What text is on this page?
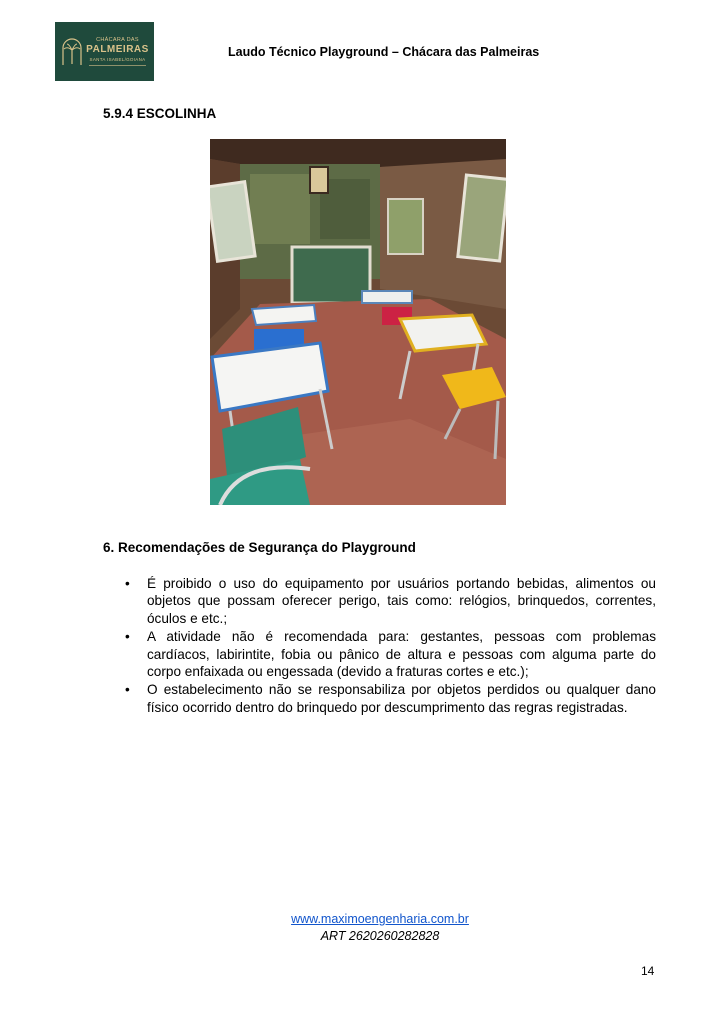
CHÁCARA DAS
PALMEIRAS
SANTA ISABEL/GOIANA
Laudo Técnico Playground – Chácara das Palmeiras
5.9.4 ESCOLINHA
6. Recomendações de Segurança do Playground
• É proibido o uso do equipamento por usuários portando bebidas, alimentos ou objetos que possam oferecer perigo, tais como: relógios, brinquedos, correntes, óculos e etc.;
• A atividade não é recomendada para: gestantes, pessoas com problemas cardíacos, labirintite, fobia ou pânico de altura e pessoas com alguma parte do corpo enfaixada ou engessada (devido a fraturas cortes e etc.);
• O estabelecimento não se responsabiliza por objetos perdidos ou qualquer dano físico ocorrido dentro do brinquedo por descumprimento das regras registradas.
www.maximoengenharia.com.br
ART 2620260282828
14
